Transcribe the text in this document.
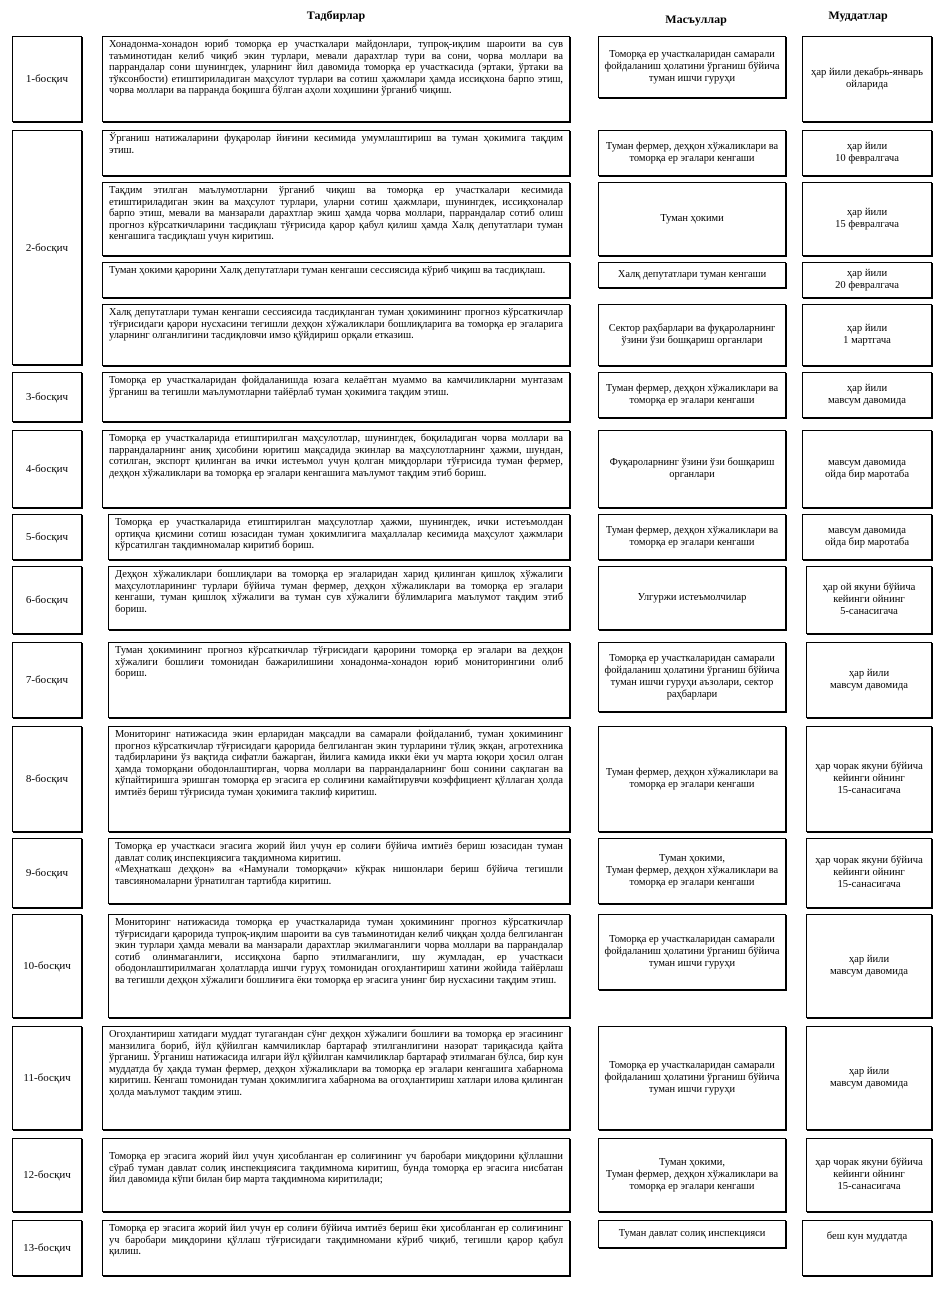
Тадбирлар	Масъуллар	Муддатлар
1-босқич
2-босқич
3-босқич
4-босқич
5-босқич
6-босқич
7-босқич
8-босқич
9-босқич
10-босқич
11-босқич
12-босқич
13-босқич
Хонадонма-хонадон юриб томорқа ер участкалари майдонлари, тупроқ-иқлим шароити ва сув таъминотидан келиб чиқиб экин турлари, мевали дарахтлар тури ва сони, чорва моллари ва паррандалар сони шунингдек, уларнинг йил давомида томорқа ер участкасида (эртаки, ўртаки ва тўксонбости) етиштириладиган маҳсулот турлари ва сотиш ҳажмлари ҳамда иссиқхона барпо этиш, чорва моллари ва парранда боқишга бўлган аҳоли хоҳишини ўрганиб чиқиш.
Ўрганиш натижаларини фуқаролар йиғини кесимида умумлаштириш ва туман ҳокимига тақдим этиш.
Тақдим этилган маълумотларни ўрганиб чиқиш ва томорқа ер участкалари кесимида етиштириладиган экин ва маҳсулот турлари, уларни сотиш ҳажмлари, шунингдек, иссиқхоналар барпо этиш, мевали ва манзарали дарахтлар экиш ҳамда чорва моллари, паррандалар сотиб олиш прогноз кўрсаткичларини тасдиқлаш тўғрисида қарор қабул қилиш ҳамда Халқ депутатлари туман кенгашига тасдиқлаш учун киритиш.
Туман ҳокими қарорини Халқ депутатлари туман кенгаши сессиясида кўриб чиқиш ва тасдиқлаш.
Халқ депутатлари туман кенгаши сессиясида тасдиқланган туман ҳокимининг прогноз кўрсаткичлар тўғрисидаги қарори нусхасини тегишли деҳқон хўжаликлари бошлиқларига ва томорқа ер эгаларига уларнинг олганлигини тасдиқловчи имзо қўйдириш орқали етказиш.
Томорқа ер участкаларидан фойдаланишда юзага келаётган муаммо ва камчиликларни мунтазам ўрганиш ва тегишли маълумотларни тайёрлаб туман ҳокимига тақдим этиш.
Томорқа ер участкаларида етиштирилган маҳсулотлар, шунингдек, боқиладиган чорва моллари ва паррандаларнинг аниқ ҳисобини юритиш мақсадида экинлар ва маҳсулотларнинг ҳажми, шундан, сотилган, экспорт қилинган ва ички истеъмол учун қолган миқдорлари тўғрисида туман фермер, деҳқон хўжаликлари ва томорқа ер эгалари кенгашига маълумот тақдим этиб бориш.
Томорқа ер участкаларида етиштирилган маҳсулотлар ҳажми, шунингдек, ички истеъмолдан ортиқча қисмини сотиш юзасидан туман ҳокимлигига маҳаллалар кесимида маҳсулот ҳажмлари кўрсатилган тақдимномалар киритиб бориш.
Деҳқон хўжаликлари бошлиқлари ва томорқа ер эгаларидан харид қилинган қишлоқ хўжалиги маҳсулотларининг турлари бўйича туман фермер, деҳқон хўжаликлари ва томорқа ер эгалари кенгаши, туман қишлоқ хўжалиги ва туман сув хўжалиги бўлимларига маълумот тақдим этиб бориш.
Туман ҳокимининг прогноз кўрсаткичлар тўғрисидаги қарорини томорқа ер эгалари ва деҳқон хўжалиги бошлиғи томонидан бажарилишини хонадонма-хонадон юриб мониторингини олиб бориш.
Мониторинг натижасида экин ерларидан мақсадли ва самарали фойдаланиб, туман ҳокимининг прогноз кўрсаткичлар тўғрисидаги қарорида белгиланган экин турларини тўлиқ экқан, агротехника тадбирларини ўз вақтида сифатли бажарган, йилига камида икки ёки уч марта юқори ҳосил олган ҳамда томорқани ободонлаштирган, чорва моллари ва паррандаларнинг бош сонини сақлаган ва кўпайтиришга эришган томорқа ер эгасига ер солиғини камайтирувчи коэффициент қўллаган ҳолда имтиёз бериш тўғрисида туман ҳокимига таклиф киритиш.
Томорқа ер участкаси эгасига жорий йил учун ер солиғи бўйича имтиёз бериш юзасидан туман давлат солиқ инспекциясига тақдимнома киритиш.
«Меҳнаткаш деҳқон» ва «Намунали томорқачи» кўкрак нишонлари бериш бўйича тегишли тавсияномаларни ўрнатилган тартибда киритиш.
Мониторинг натижасида томорқа ер участкаларида туман ҳокимининг прогноз кўрсаткичлар тўғрисидаги қарорида тупроқ-иқлим шароити ва сув таъминотидан келиб чиққан ҳолда белгиланган экин турлари ҳамда мевали ва манзарали дарахтлар экилмаганлиги чорва моллари ва паррандалар сотиб олинмаганлиги, иссиқхона барпо этилмаганлиги, шу жумладан, ер участкаси ободонлаштирилмаган ҳолатларда ишчи гуруҳ томонидан огоҳлантириш хатини жойида тайёрлаш ва тегишли деҳқон хўжалиги бошлиғига ёки томорқа ер эгасига унинг бир нусхасини тақдим этиш.
Огоҳлантириш хатидаги муддат тугагандан сўнг деҳқон хўжалиги бошлиғи ва томорқа ер эгасининг манзилига бориб, йўл қўйилган камчиликлар бартараф этилганлигини назорат тариқасида қайта ўрганиш. Ўрганиш натижасида илгари йўл қўйилган камчиликлар бартараф этилмаган бўлса, бир кун муддатда бу ҳақда туман фермер, деҳқон хўжаликлари ва томорқа ер эгалари кенгашига хабарнома киритиш. Кенгаш томонидан туман ҳокимлигига хабарнома ва огоҳлантириш хатлари илова қилинган ҳолда маълумот тақдим этиш.
Томорқа ер эгасига жорий йил учун ҳисобланган ер солиғининг уч баробари миқдорини қўллашни сўраб туман давлат солиқ инспекциясига тақдимнома киритиш, бунда томорқа ер эгасига нисбатан йил давомида кўпи билан бир марта тақдимнома киритилади;
Томорқа ер эгасига жорий йил учун ер солиғи бўйича имтиёз бериш ёки ҳисобланган ер солиғининг уч баробари миқдорини қўллаш тўғрисидаги тақдимномани кўриб чиқиб, тегишли қарор қабул қилиш.
Томорқа ер участкаларидан самарали фойдаланиш ҳолатини ўрганиш бўйича туман ишчи гуруҳи
Туман фермер, деҳқон хўжаликлари ва томорқа ер эгалари кенгаши
Туман ҳокими
Халқ депутатлари туман кенгаши
Сектор раҳбарлари ва фуқароларнинг ўзини ўзи бошқариш органлари
Туман фермер, деҳқон хўжаликлари ва томорқа ер эгалари кенгаши
Фуқароларнинг ўзини ўзи бошқариш органлари
Туман фермер, деҳқон хўжаликлари ва томорқа ер эгалари кенгаши
Улгуржи истеъмолчилар
Томорқа ер участкаларидан самарали фойдаланиш ҳолатини ўрганиш бўйича туман ишчи гуруҳи аъзолари, сектор раҳбарлари
Туман фермер, деҳқон хўжаликлари ва томорқа ер эгалари кенгаши
Туман ҳокими,
Туман фермер, деҳқон хўжаликлари ва томорқа ер эгалари кенгаши
Томорқа ер участкаларидан самарали фойдаланиш ҳолатини ўрганиш бўйича туман ишчи гуруҳи
Томорқа ер участкаларидан самарали фойдаланиш ҳолатини ўрганиш бўйича туман ишчи гуруҳи
Туман ҳокими,
Туман фермер, деҳқон хўжаликлари ва томорқа ер эгалари кенгаши
Туман давлат солиқ инспекцияси
ҳар йили декабрь-январь ойларида
ҳар йили
10 февралгача
ҳар йили
15 февралгача
ҳар йили
20 февралгача
ҳар йили
1 мартгача
ҳар йили
мавсум давомида
мавсум давомида
ойда бир маротаба
мавсум давомида
ойда бир маротаба
ҳар ой якуни бўйича кейинги ойнинг
5-санасигача
ҳар йили
мавсум давомида
ҳар чорак якуни бўйича кейинги ойнинг
15-санасигача
ҳар чорак якуни бўйича кейинги ойнинг
15-санасигача
ҳар йили
мавсум давомида
ҳар йили
мавсум давомида
ҳар чорак якуни бўйича кейинги ойнинг
15-санасигача
беш кун муддатда
